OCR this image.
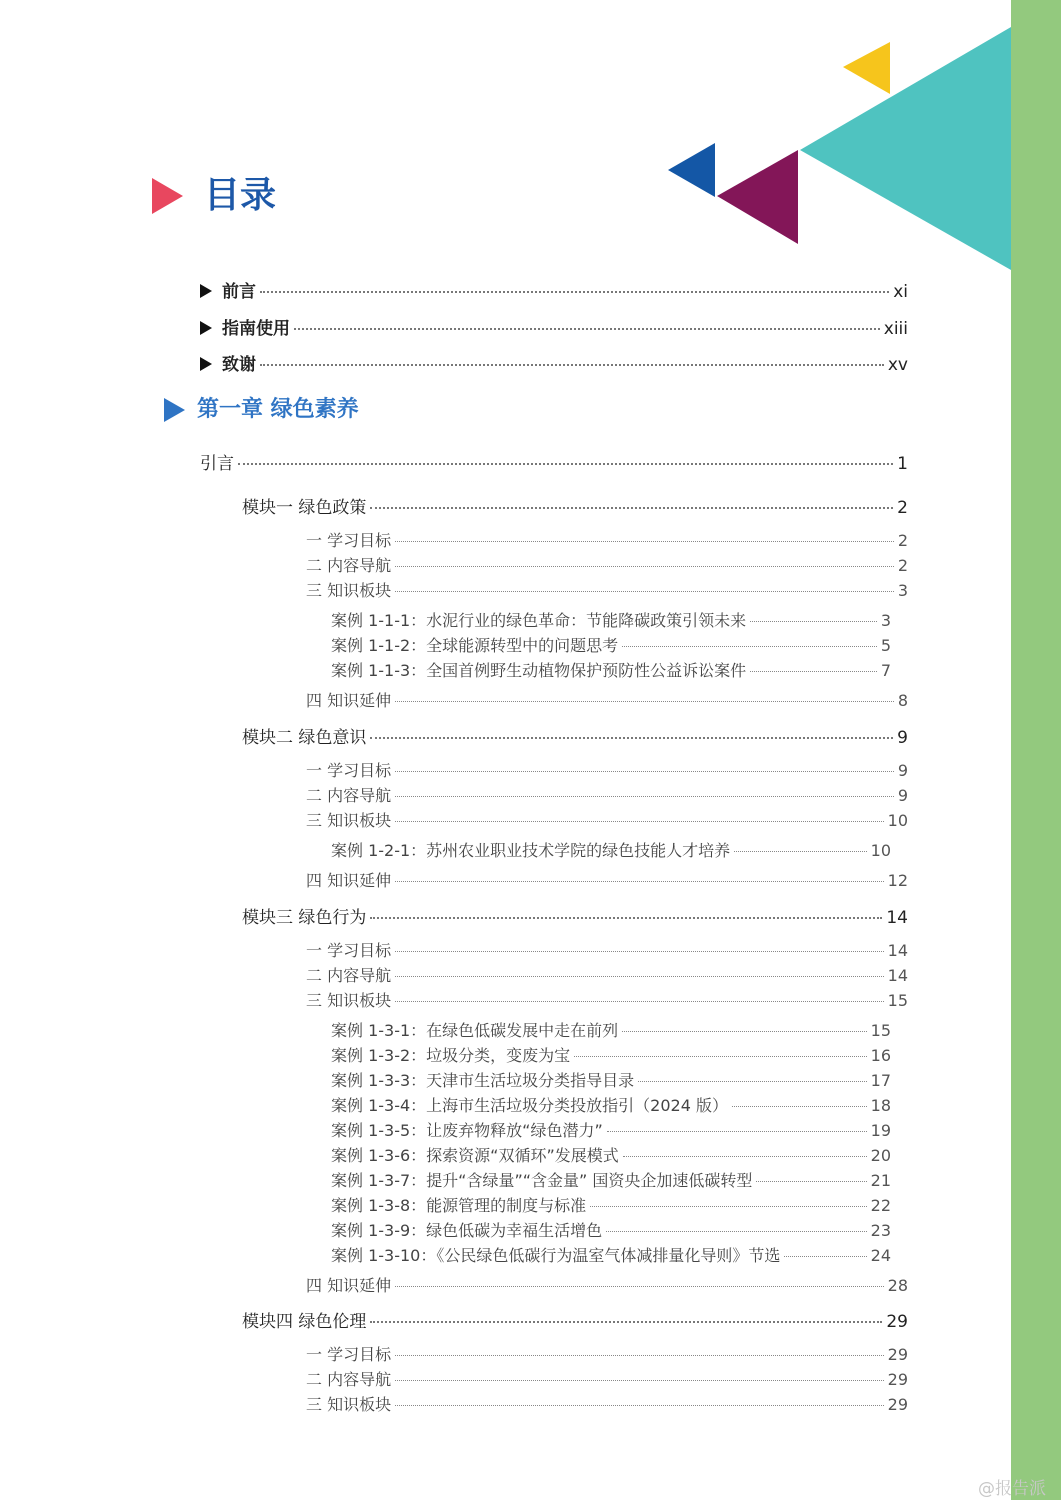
目录
前言	xi
指南使用	xiii
致谢	xv
第一章 绿色素养
引言	1
模块一 绿色政策	2
一 学习目标	2
二 内容导航	2
三 知识板块	3
案例 1-1-1：水泥行业的绿色革命：节能降碳政策引领未来	3
案例 1-1-2：全球能源转型中的问题思考	5
案例 1-1-3：全国首例野生动植物保护预防性公益诉讼案件	7
四 知识延伸	8
模块二 绿色意识	9
一 学习目标	9
二 内容导航	9
三 知识板块	10
案例 1-2-1：苏州农业职业技术学院的绿色技能人才培养	10
四 知识延伸	12
模块三 绿色行为	14
一 学习目标	14
二 内容导航	14
三 知识板块	15
案例 1-3-1：在绿色低碳发展中走在前列	15
案例 1-3-2：垃圾分类，变废为宝	16
案例 1-3-3：天津市生活垃圾分类指导目录	17
案例 1-3-4：上海市生活垃圾分类投放指引（2024 版）	18
案例 1-3-5：让废弃物释放“绿色潜力”	19
案例 1-3-6：探索资源“双循环”发展模式	20
案例 1-3-7：提升“含绿量”“含金量” 国资央企加速低碳转型	21
案例 1-3-8：能源管理的制度与标准	22
案例 1-3-9：绿色低碳为幸福生活增色	23
案例 1-3-10：《公民绿色低碳行为温室气体减排量化导则》节选	24
四 知识延伸	28
模块四 绿色伦理	29
一 学习目标	29
二 内容导航	29
三 知识板块	29
@报告派
